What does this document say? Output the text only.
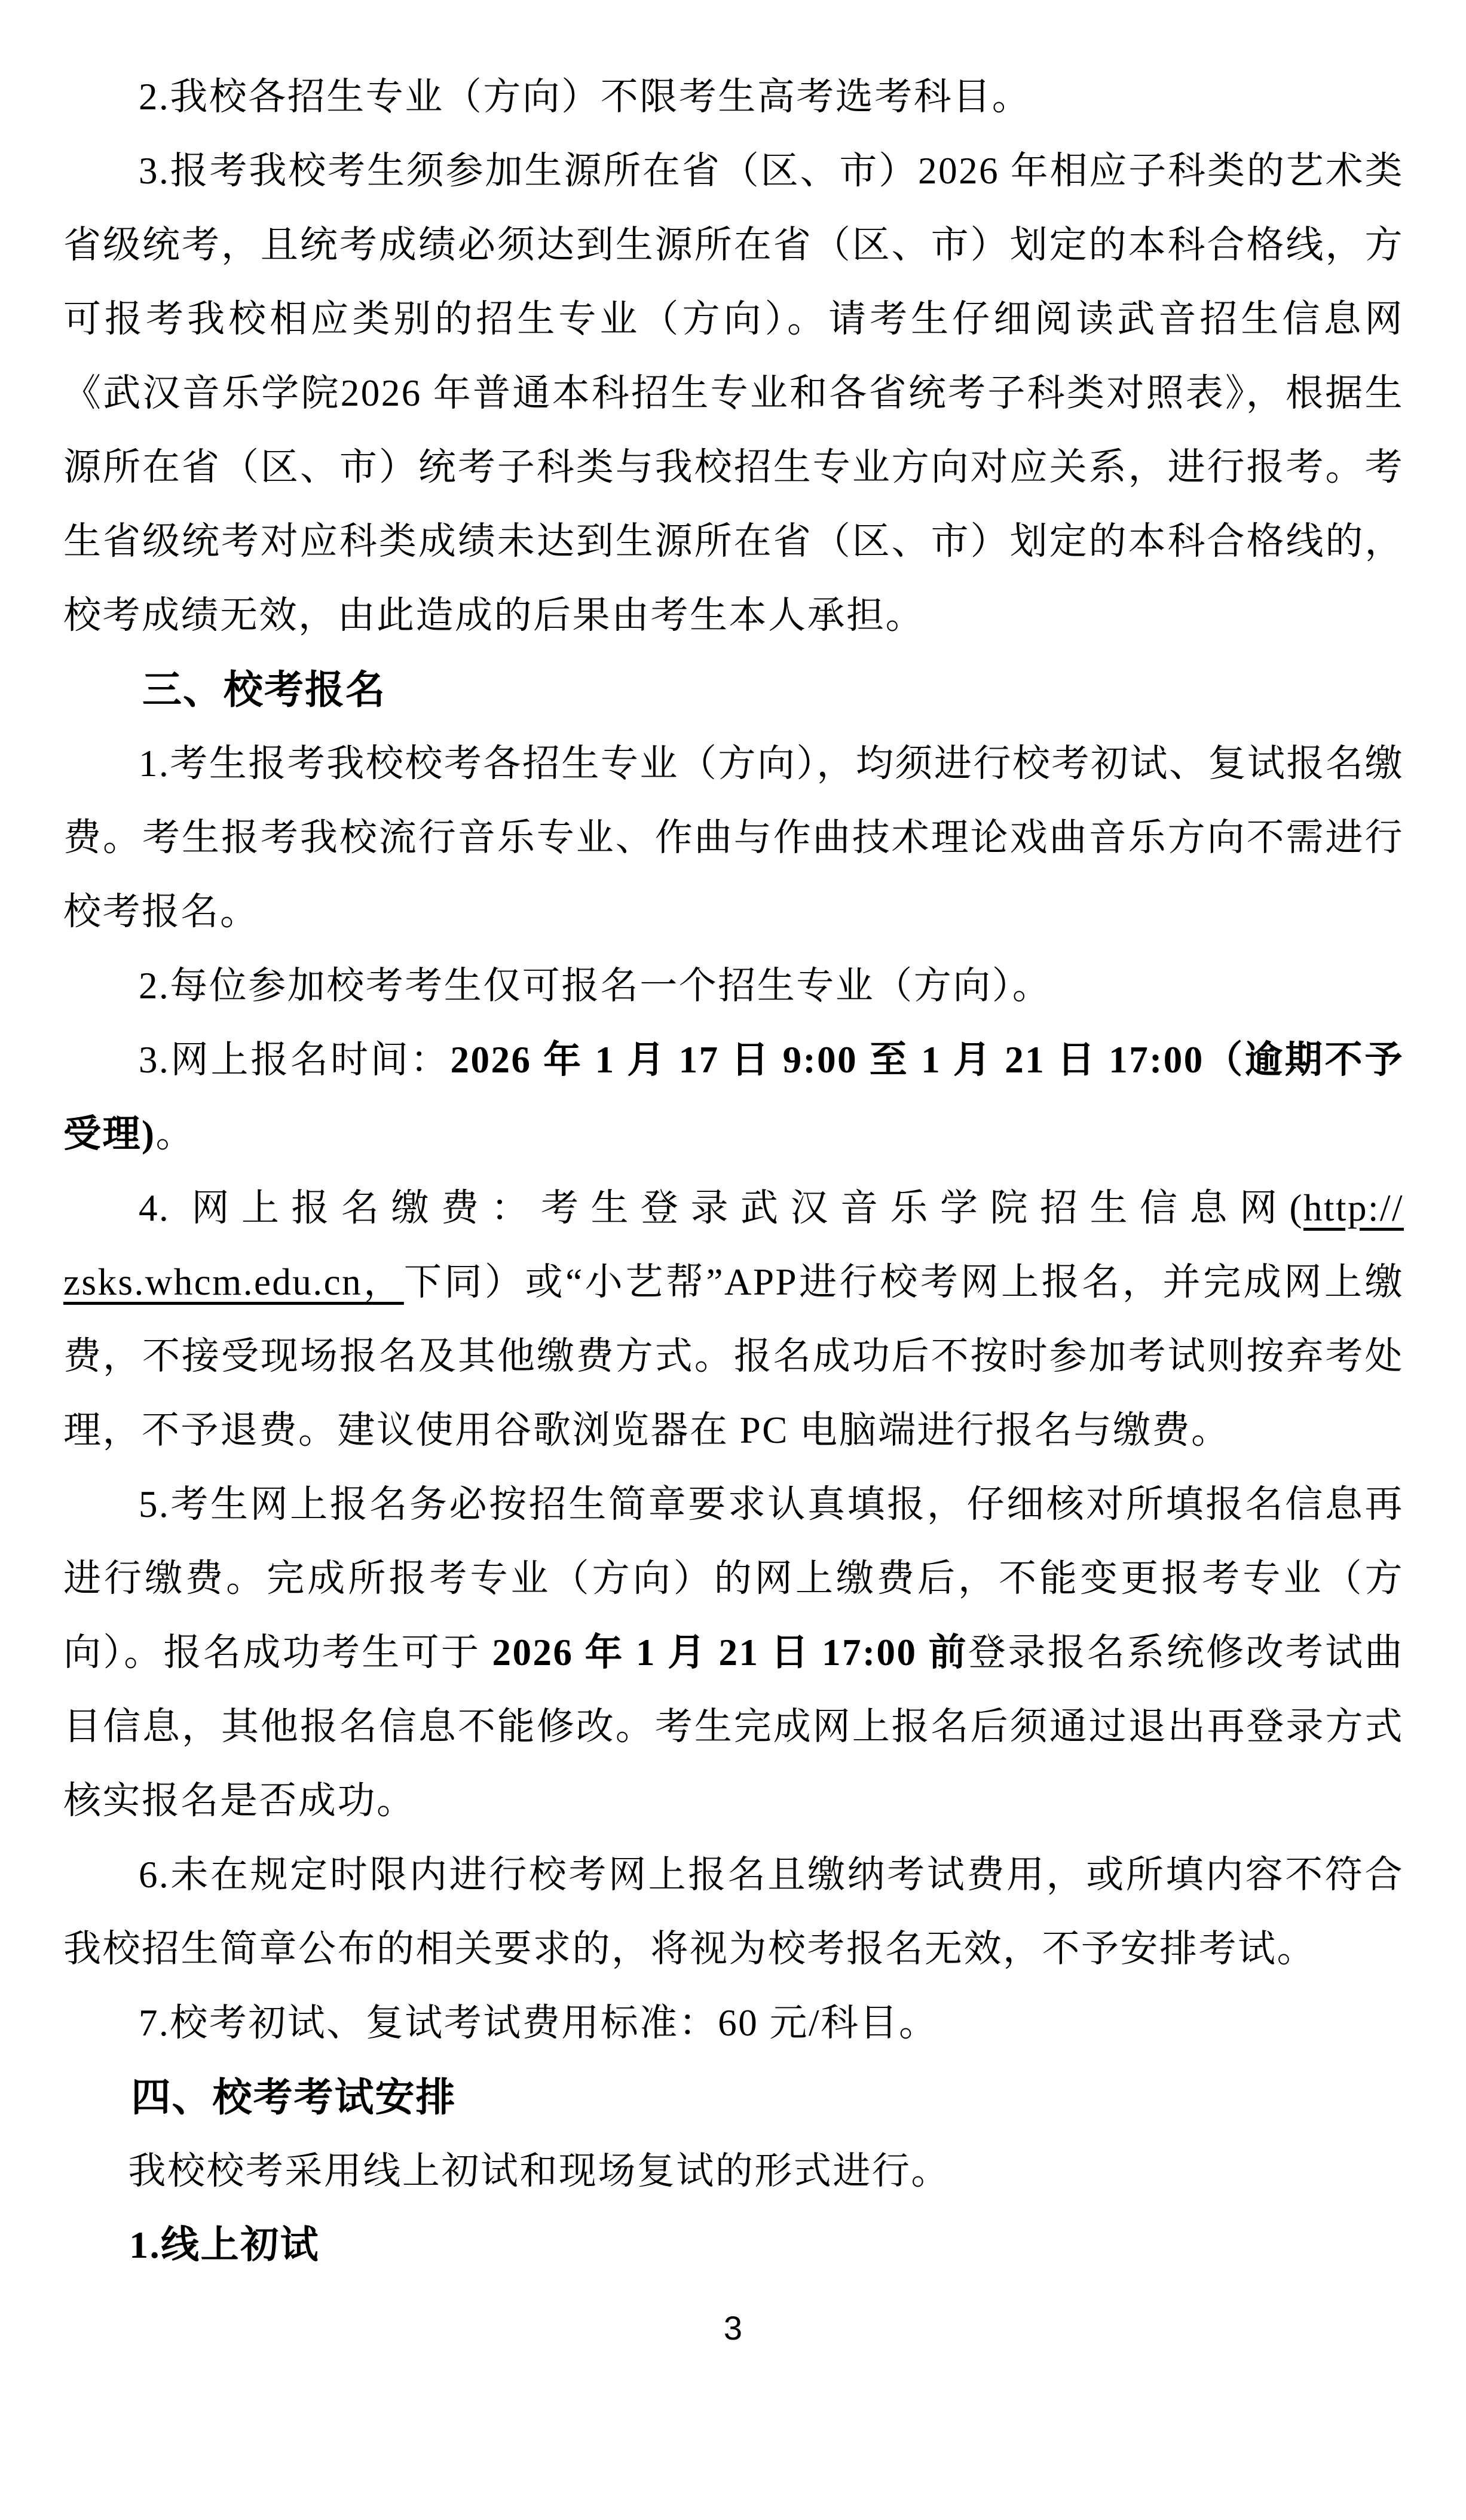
2.我校各招生专业（方向）不限考生高考选考科目。

3.报考我校考生须参加生源所在省（区、市）2026 年相应子科类的艺术类省级统考，且统考成绩必须达到生源所在省（区、市）划定的本科合格线，方可报考我校相应类别的招生专业（方向）。请考生仔细阅读武音招生信息网《武汉音乐学院2026 年普通本科招生专业和各省统考子科类对照表》，根据生源所在省（区、市）统考子科类与我校招生专业方向对应关系，进行报考。考生省级统考对应科类成绩未达到生源所在省（区、市）划定的本科合格线的，校考成绩无效，由此造成的后果由考生本人承担。

三、校考报名

1.考生报考我校校考各招生专业（方向），均须进行校考初试、复试报名缴费。考生报考我校流行音乐专业、作曲与作曲技术理论戏曲音乐方向不需进行校考报名。

2.每位参加校考考生仅可报名一个招生专业（方向）。

3.网上报名时间：2026 年 1 月 17 日 9:00 至 1 月 21 日 17:00（逾期不予受理)。

4. 网上报名缴费：考生登录武汉音乐学院招生信息网(http://zsks.whcm.edu.cn，下同）或“小艺帮”APP进行校考网上报名，并完成网上缴费，不接受现场报名及其他缴费方式。报名成功后不按时参加考试则按弃考处理，不予退费。建议使用谷歌浏览器在 PC 电脑端进行报名与缴费。

5.考生网上报名务必按招生简章要求认真填报，仔细核对所填报名信息再进行缴费。完成所报考专业（方向）的网上缴费后，不能变更报考专业（方向）。报名成功考生可于 2026 年 1 月 21 日 17:00 前登录报名系统修改考试曲目信息，其他报名信息不能修改。考生完成网上报名后须通过退出再登录方式核实报名是否成功。

6.未在规定时限内进行校考网上报名且缴纳考试费用，或所填内容不符合我校招生简章公布的相关要求的，将视为校考报名无效，不予安排考试。

7.校考初试、复试考试费用标准：60 元/科目。

四、校考考试安排

我校校考采用线上初试和现场复试的形式进行。

1.线上初试

3
